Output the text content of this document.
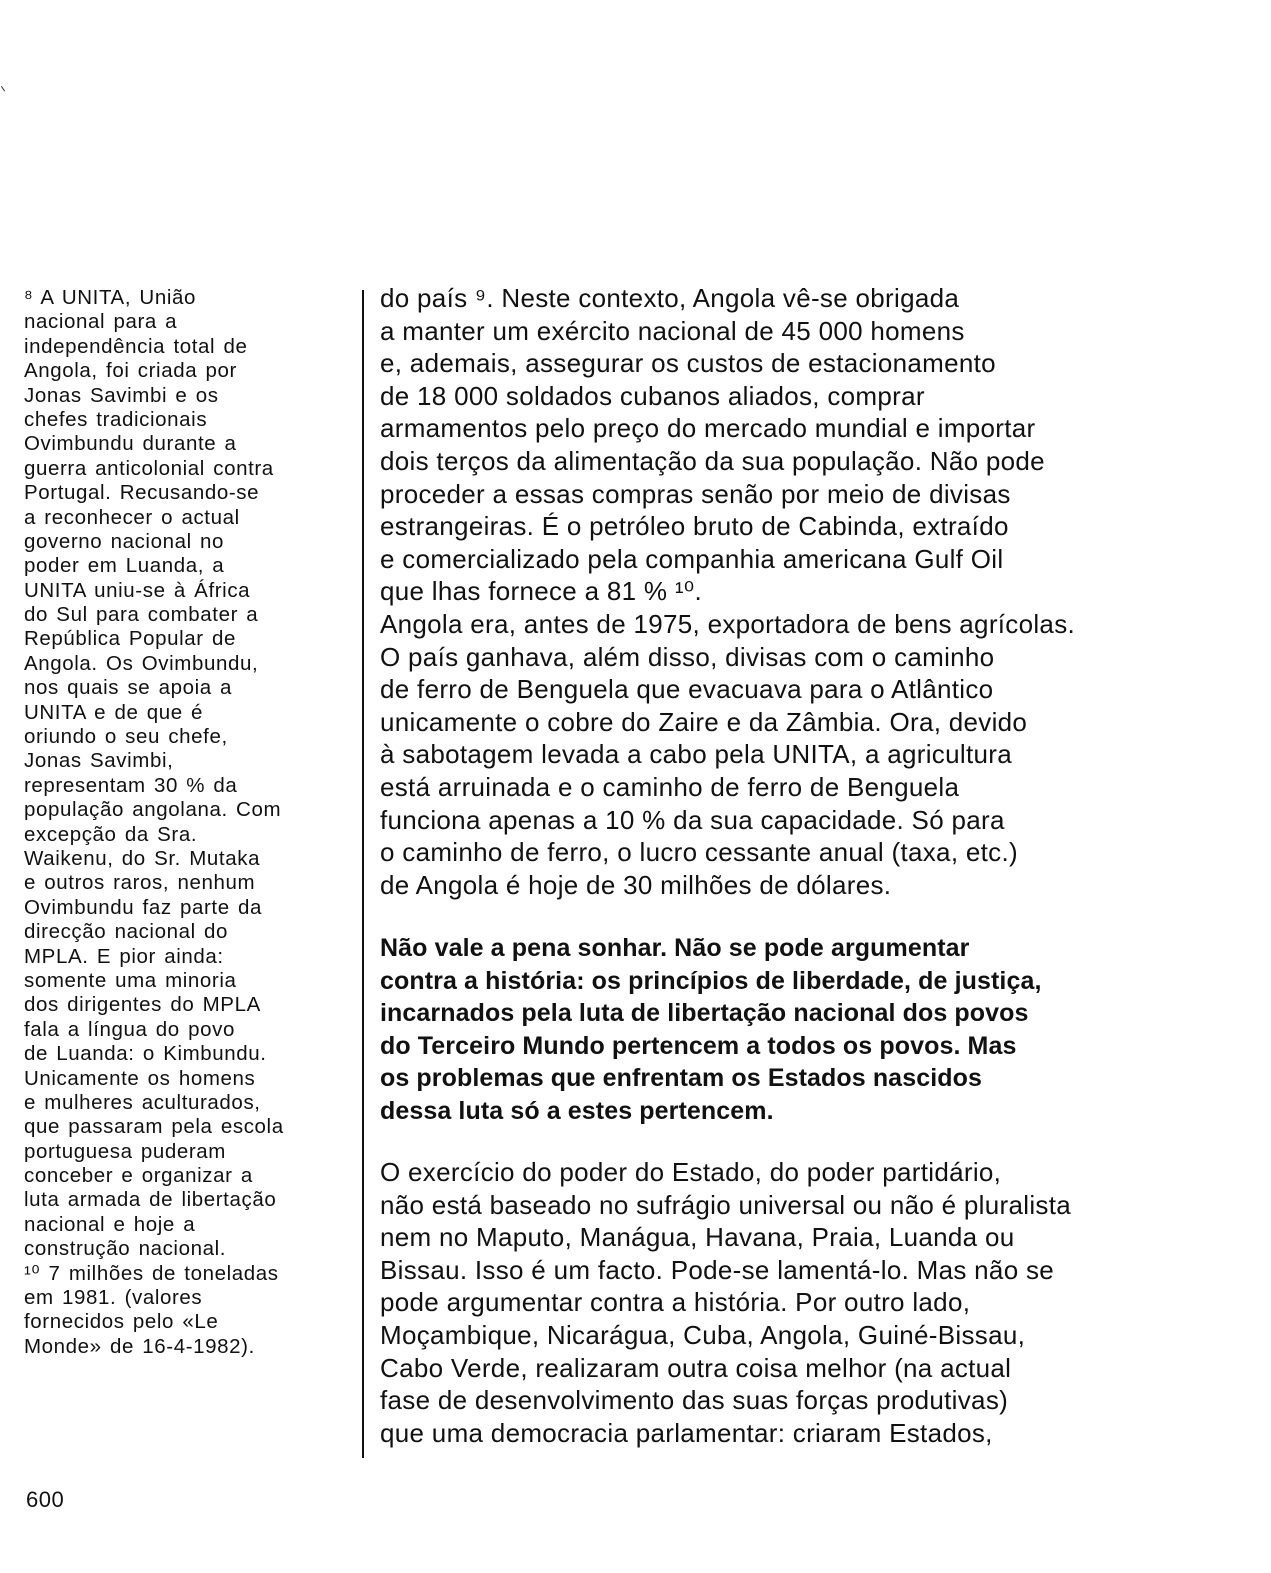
⁸ A UNITA, União
nacional para a
independência total de
Angola, foi criada por
Jonas Savimbi e os
chefes tradicionais
Ovimbundu durante a
guerra anticolonial contra
Portugal. Recusando-se
a reconhecer o actual
governo nacional no
poder em Luanda, a
UNITA uniu-se à África
do Sul para combater a
República Popular de
Angola. Os Ovimbundu,
nos quais se apoia a
UNITA e de que é
oriundo o seu chefe,
Jonas Savimbi,
representam 30 % da
população angolana. Com
excepção da Sra.
Waikenu, do Sr. Mutaka
e outros raros, nenhum
Ovimbundu faz parte da
direcção nacional do
MPLA. E pior ainda:
somente uma minoria
dos dirigentes do MPLA
fala a língua do povo
de Luanda: o Kimbundu.
Unicamente os homens
e mulheres aculturados,
que passaram pela escola
portuguesa puderam
conceber e organizar a
luta armada de libertação
nacional e hoje a
construção nacional.
¹⁰ 7 milhões de toneladas
em 1981. (valores
fornecidos pelo «Le
Monde» de 16-4-1982).
do país ⁹. Neste contexto, Angola vê-se obrigada
a manter um exército nacional de 45 000 homens
e, ademais, assegurar os custos de estacionamento
de 18 000 soldados cubanos aliados, comprar
armamentos pelo preço do mercado mundial e importar
dois terços da alimentação da sua população. Não pode
proceder a essas compras senão por meio de divisas
estrangeiras. É o petróleo bruto de Cabinda, extraído
e comercializado pela companhia americana Gulf Oil
que lhas fornece a 81 % ¹⁰.
Angola era, antes de 1975, exportadora de bens agrícolas.
O país ganhava, além disso, divisas com o caminho
de ferro de Benguela que evacuava para o Atlântico
unicamente o cobre do Zaire e da Zâmbia. Ora, devido
à sabotagem levada a cabo pela UNITA, a agricultura
está arruinada e o caminho de ferro de Benguela
funciona apenas a 10 % da sua capacidade. Só para
o caminho de ferro, o lucro cessante anual (taxa, etc.)
de Angola é hoje de 30 milhões de dólares.
Não vale a pena sonhar. Não se pode argumentar
contra a história: os princípios de liberdade, de justiça,
incarnados pela luta de libertação nacional dos povos
do Terceiro Mundo pertencem a todos os povos. Mas
os problemas que enfrentam os Estados nascidos
dessa luta só a estes pertencem.
O exercício do poder do Estado, do poder partidário,
não está baseado no sufrágio universal ou não é pluralista
nem no Maputo, Manágua, Havana, Praia, Luanda ou
Bissau. Isso é um facto. Pode-se lamentá-lo. Mas não se
pode argumentar contra a história. Por outro lado,
Moçambique, Nicarágua, Cuba, Angola, Guiné-Bissau,
Cabo Verde, realizaram outra coisa melhor (na actual
fase de desenvolvimento das suas forças produtivas)
que uma democracia parlamentar: criaram Estados,
600
